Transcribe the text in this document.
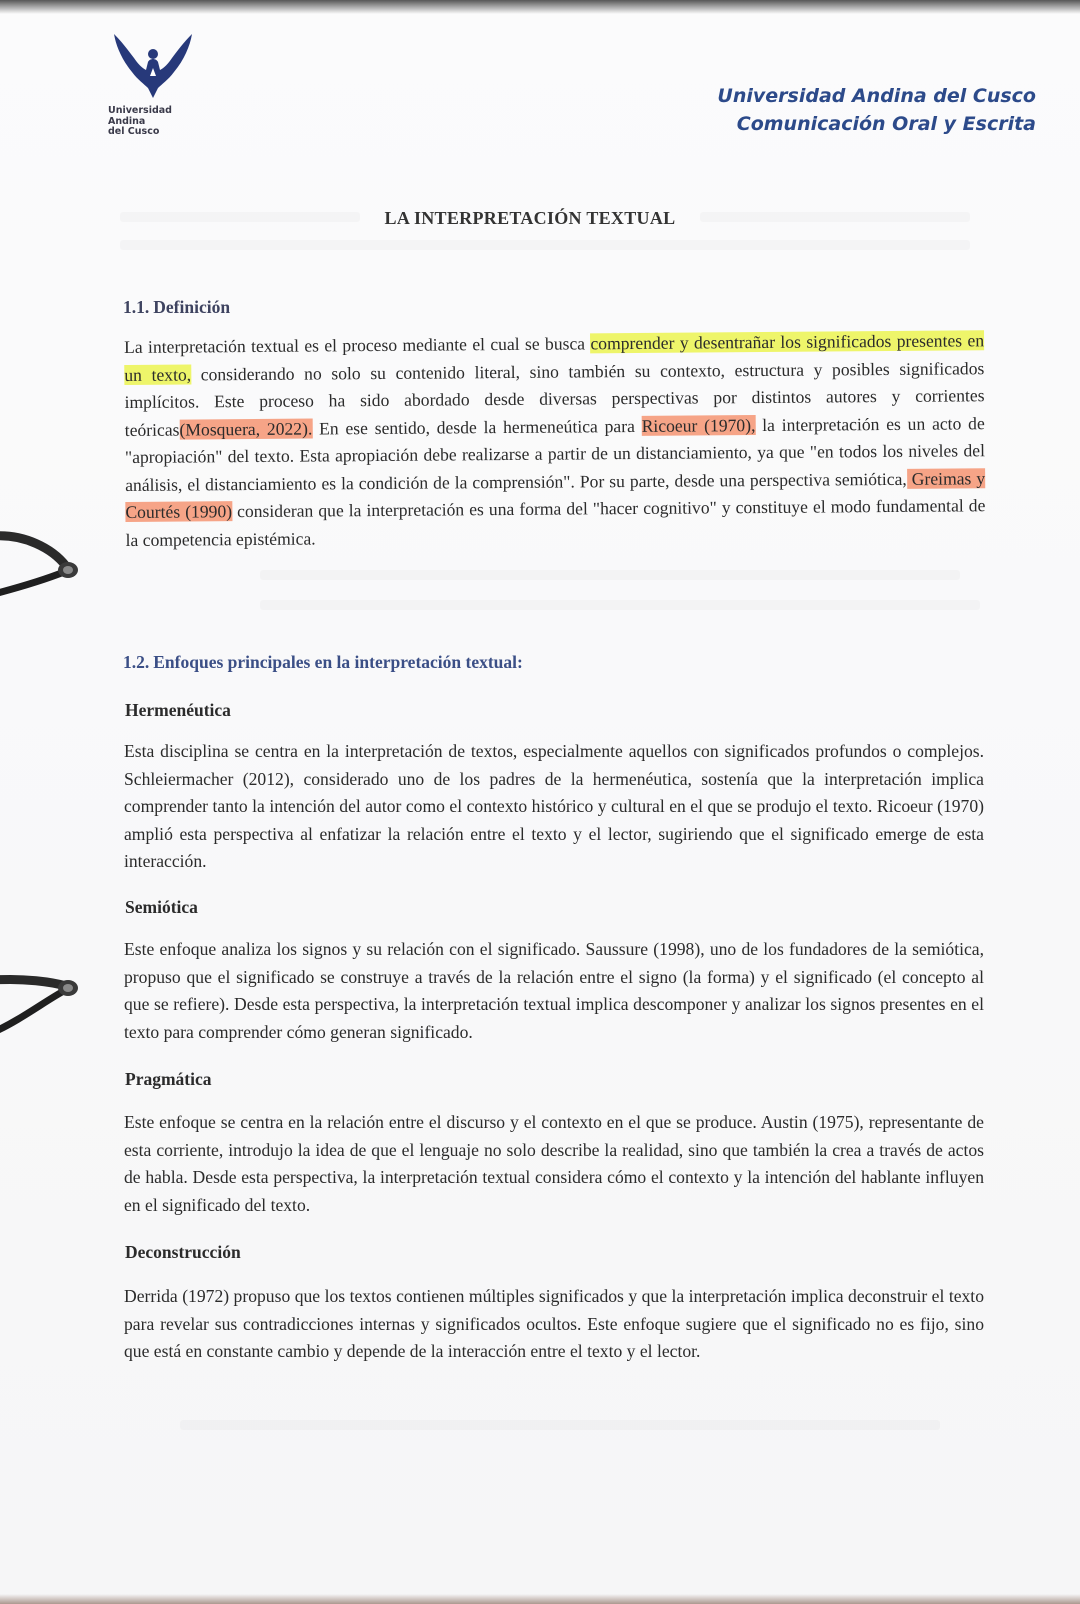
Universidad
Andina
del Cusco
Universidad Andina del Cusco
Comunicación Oral y Escrita
LA INTERPRETACIÓN TEXTUAL
1.1. Definición
La interpretación textual es el proceso mediante el cual se busca comprender y desentrañar los significados presentes en un texto, considerando no solo su contenido literal, sino también su contexto, estructura y posibles significados implícitos. Este proceso ha sido abordado desde diversas perspectivas por distintos autores y corrientes teóricas(Mosquera, 2022). En ese sentido, desde la hermeneútica para Ricoeur (1970), la interpretación es un acto de "apropiación" del texto. Esta apropiación debe realizarse a partir de un distanciamiento, ya que "en todos los niveles del análisis, el distanciamiento es la condición de la comprensión". Por su parte, desde una perspectiva semiótica, Greimas y Courtés (1990) consideran que la interpretación es una forma del "hacer cognitivo" y constituye el modo fundamental de la competencia epistémica.
1.2. Enfoques principales en la interpretación textual:
Hermenéutica
Esta disciplina se centra en la interpretación de textos, especialmente aquellos con significados profundos o complejos. Schleiermacher (2012), considerado uno de los padres de la hermenéutica, sostenía que la interpretación implica comprender tanto la intención del autor como el contexto histórico y cultural en el que se produjo el texto. Ricoeur (1970) amplió esta perspectiva al enfatizar la relación entre el texto y el lector, sugiriendo que el significado emerge de esta interacción.
Semiótica
Este enfoque analiza los signos y su relación con el significado. Saussure (1998), uno de los fundadores de la semiótica, propuso que el significado se construye a través de la relación entre el signo (la forma) y el significado (el concepto al que se refiere). Desde esta perspectiva, la interpretación textual implica descomponer y analizar los signos presentes en el texto para comprender cómo generan significado.
Pragmática
Este enfoque se centra en la relación entre el discurso y el contexto en el que se produce. Austin (1975), representante de esta corriente, introdujo la idea de que el lenguaje no solo describe la realidad, sino que también la crea a través de actos de habla. Desde esta perspectiva, la interpretación textual considera cómo el contexto y la intención del hablante influyen en el significado del texto.
Deconstrucción
Derrida (1972) propuso que los textos contienen múltiples significados y que la interpretación implica deconstruir el texto para revelar sus contradicciones internas y significados ocultos. Este enfoque sugiere que el significado no es fijo, sino que está en constante cambio y depende de la interacción entre el texto y el lector.
